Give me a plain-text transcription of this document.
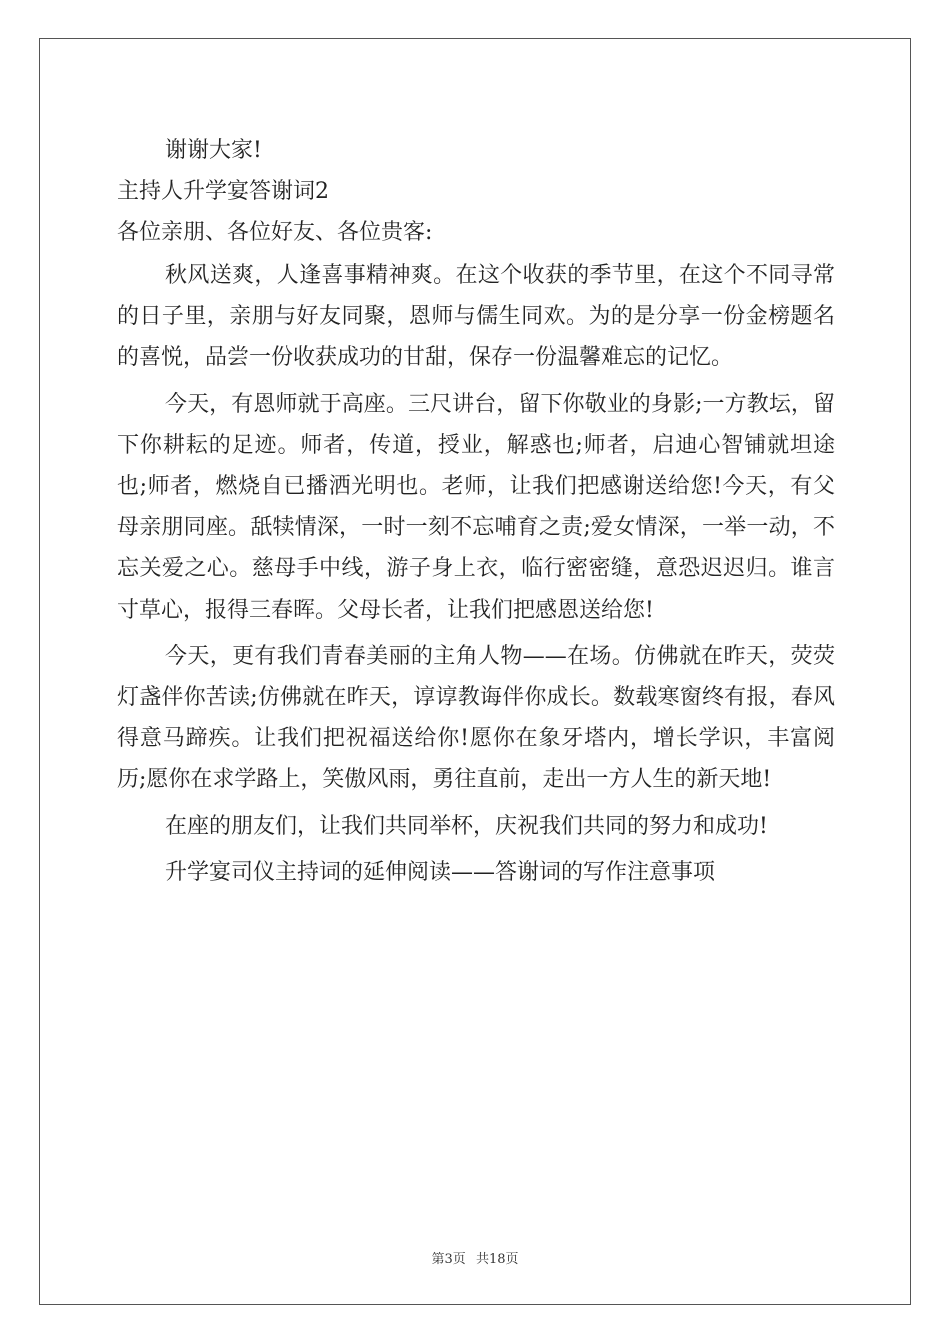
谢谢大家!
主持人升学宴答谢词2
各位亲朋、各位好友、各位贵客:

秋风送爽，人逢喜事精神爽。在这个收获的季节里，在这个不同寻常的日子里，亲朋与好友同聚，恩师与儒生同欢。为的是分享一份金榜题名的喜悦，品尝一份收获成功的甘甜，保存一份温馨难忘的记忆。

今天，有恩师就于高座。三尺讲台，留下你敬业的身影;一方教坛，留下你耕耘的足迹。师者，传道，授业，解惑也;师者，启迪心智铺就坦途也;师者，燃烧自已播洒光明也。老师，让我们把感谢送给您!今天，有父母亲朋同座。舐犊情深，一时一刻不忘哺育之责;爱女情深，一举一动，不忘关爱之心。慈母手中线，游子身上衣，临行密密缝，意恐迟迟归。谁言寸草心，报得三春晖。父母长者，让我们把感恩送给您!

今天，更有我们青春美丽的主角人物——在场。仿佛就在昨天，荧荧灯盏伴你苦读;仿佛就在昨天，谆谆教诲伴你成长。数载寒窗终有报，春风得意马蹄疾。让我们把祝福送给你!愿你在象牙塔内，增长学识，丰富阅历;愿你在求学路上，笑傲风雨，勇往直前，走出一方人生的新天地!

在座的朋友们，让我们共同举杯，庆祝我们共同的努力和成功!

升学宴司仪主持词的延伸阅读——答谢词的写作注意事项

第3页 共18页
